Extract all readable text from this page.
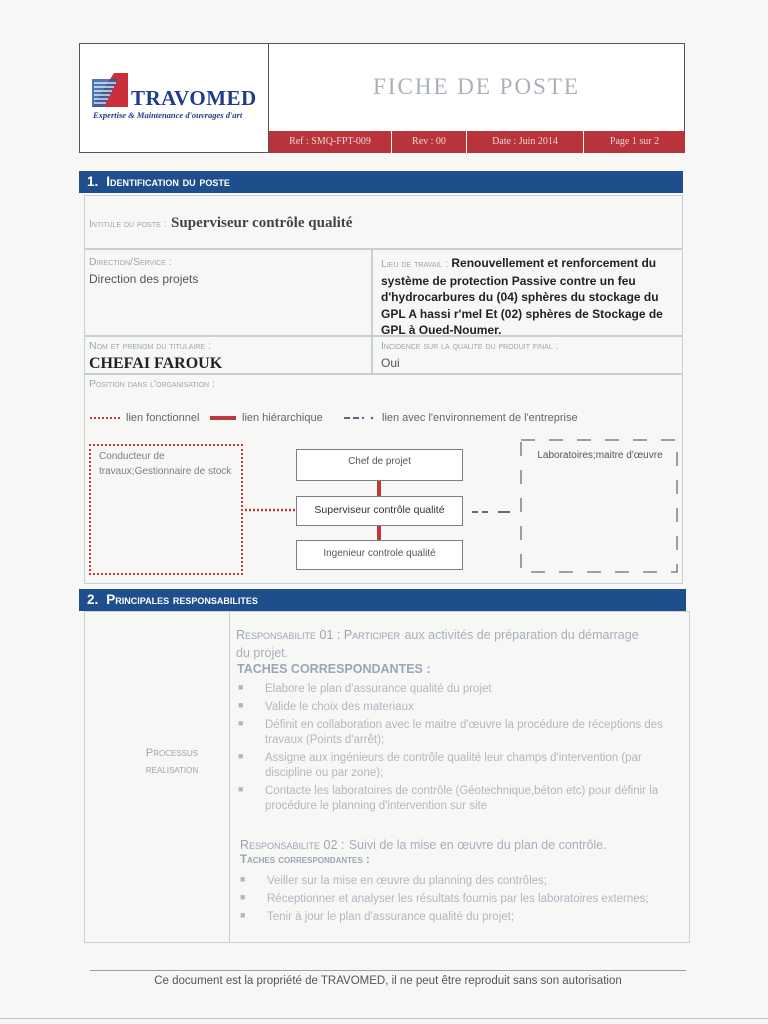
TRAVOMED
Expertise & Maintenance d'ouvrages d'art
FICHE DE POSTE
Ref : SMQ-FPT-009	Rev : 00	Date : Juin 2014	Page 1 sur 2
1. Identification du poste
Intitule du poste : Superviseur contrôle qualité
Direction/Service :
Direction des projets
Lieu de travail : Renouvellement et renforcement du système de protection Passive contre un feu d'hydrocarbures du (04) sphères du stockage du GPL A hassi r'mel Et (02) sphères de Stockage de GPL à Oued-Noumer.
Nom et prenom du titulaire :
CHEFAI FAROUK
Incidence sur la qualite du produit final :
Oui
Position dans l'organisation :
lien fonctionnel	lien hiérarchique	lien avec l'environnement de l'entreprise
Conducteur de travaux;Gestionnaire de stock
Chef de projet
Superviseur contrôle qualité
Ingenieur controle qualité
Laboratoires;maitre d'œuvre
2. Principales responsabilites
Processus realisation
Responsabilite 01 : Participer aux activités de préparation du démarrage du projet.
TACHES CORRESPONDANTES :
■	Elabore le plan d'assurance qualité du projet
■	Valide le choix des materiaux
■	Définit en collaboration avec le maitre d'œuvre la procédure de réceptions des travaux (Points d'arrêt);
■	Assigne aux ingénieurs de contrôle qualité leur champs d'intervention (par discipline ou par zone);
■	Contacte les laboratoires de contrôle (Géotechnique,béton etc) pour définir la procédure le planning d'intervention sur site
Responsabilite 02 : Suivi de la mise en œuvre du plan de contrôle.
Taches correspondantes :
■	Veiller sur la mise en œuvre du planning des contrôles;
■	Réceptionner et analyser les résultats fournis par les laboratoires externes;
■	Tenir à jour le plan d'assurance qualité du projet;
Ce document est la propriété de TRAVOMED, il ne peut être reproduit sans son autorisation
